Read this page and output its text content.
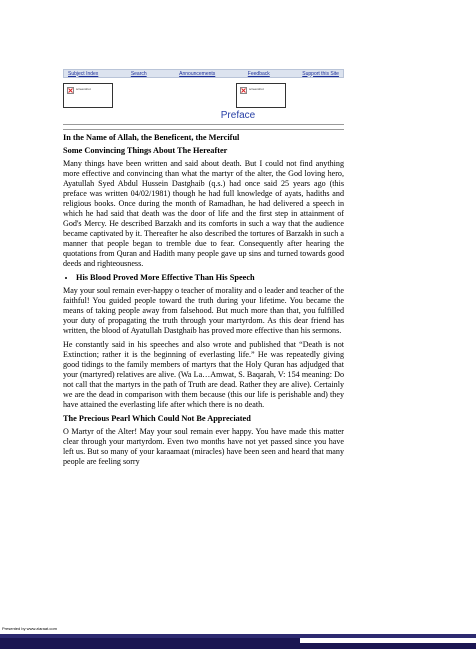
Subject Index	Search	Announcements	Feedback	Support this Site
screenshot	screenshot
Preface
In the Name of Allah, the Beneficent, the Merciful
Some Convincing Things About The Hereafter

Many things have been written and said about death. But I could not find anything more effective and convincing than what the martyr of the alter, the God loving hero, Ayatullah Syed Abdul Hussein Dastghaib (q.s.) had once said 25 years ago (this preface was written 04/02/1981) though he had full knowledge of ayats, hadiths and religious books. Once during the month of Ramadhan, he had delivered a speech in which he had said that death was the door of life and the first step in attainment of God's Mercy. He described Barzakh and its comforts in such a way that the audience became captivated by it. Thereafter he also described the tortures of Barzakh in such a manner that people began to tremble due to fear. Consequently after hearing the quotations from Quran and Hadith many people gave up sins and turned towards good deeds and righteousness.

• His Blood Proved More Effective Than His Speech

May your soul remain ever-happy o teacher of morality and o leader and teacher of the faithful! You guided people toward the truth during your lifetime. You became the means of taking people away from falsehood. But much more than that, you fulfilled your duty of propagating the truth through your martyrdom. As this dear friend has written, the blood of Ayatullah Dastghaib has proved more effective than his sermons.

He constantly said in his speeches and also wrote and published that “Death is not Extinction; rather it is the beginning of everlasting life.” He was repeatedly giving good tidings to the family members of martyrs that the Holy Quran has adjudged that your (martyred) relatives are alive. (Wa La…Amwat, S. Baqarah, V: 154 meaning: Do not call that the martyrs in the path of Truth are dead. Rather they are alive). Certainly we are the dead in comparison with them because (this our life is perishable and) they have attained the everlasting life after which there is no death.

The Precious Pearl Which Could Not Be Appreciated

O Martyr of the Alter! May your soul remain ever happy. You have made this matter clear through your martyrdom. Even two months have not yet passed since you have left us. But so many of your karaamaat (miracles) have been seen and heard that many people are feeling sorry

Presented by www.ziaraat.com
